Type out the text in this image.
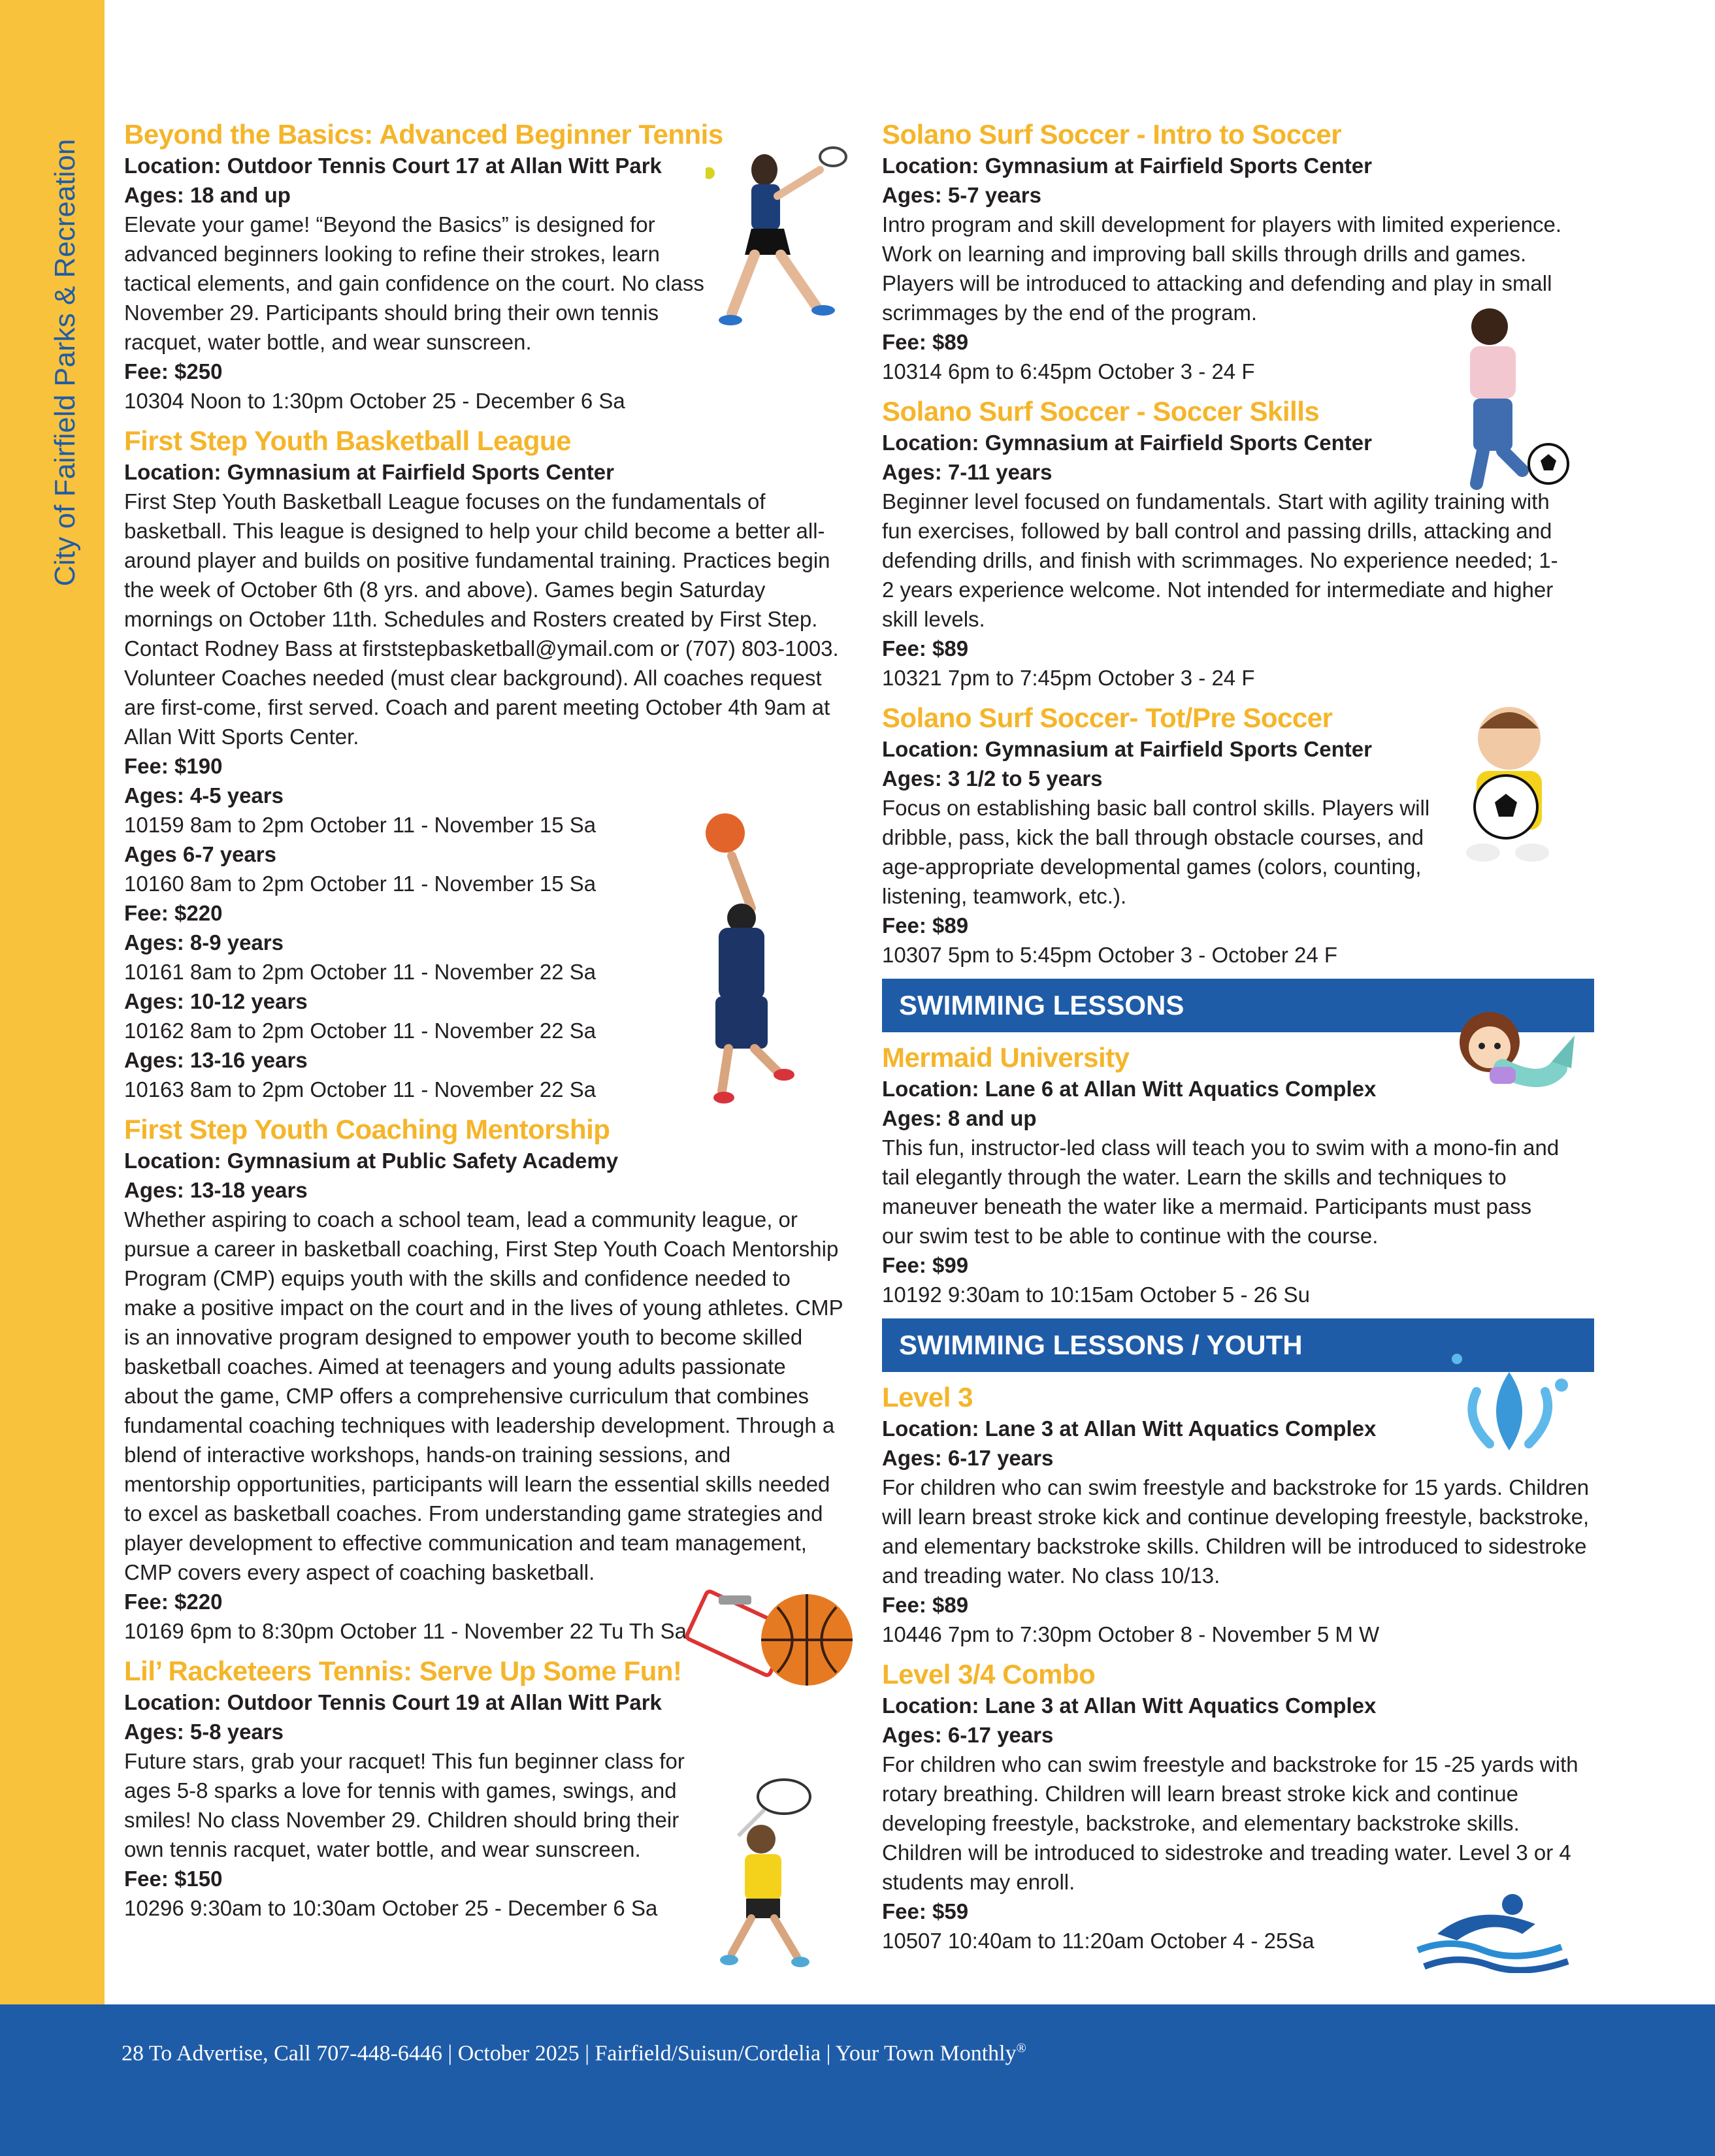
City of Fairfield Parks & Recreation
Beyond the Basics: Advanced Beginner Tennis
Location: Outdoor Tennis Court 17 at Allan Witt Park
Ages: 18 and up
Elevate your game! “Beyond the Basics” is designed for advanced beginners looking to refine their strokes, learn tactical elements, and gain confidence on the court. No class November 29. Participants should bring their own tennis racquet, water bottle, and wear sunscreen.
Fee: $250
10304 Noon to 1:30pm October 25 - December 6 Sa
First Step Youth Basketball League
Location: Gymnasium at Fairfield Sports Center
First Step Youth Basketball League focuses on the fundamentals of basketball. This league is designed to help your child become a better all-around player and builds on positive fundamental training. Practices begin the week of October 6th (8 yrs. and above). Games begin Saturday mornings on October 11th. Schedules and Rosters created by First Step. Contact Rodney Bass at firststepbasketball@ymail.com or (707) 803-1003. Volunteer Coaches needed (must clear background). All coaches request are first-come, first served. Coach and parent meeting October 4th 9am at Allan Witt Sports Center.
Fee: $190
Ages: 4-5 years
10159 8am to 2pm October 11 - November 15 Sa
Ages 6-7 years
10160 8am to 2pm October 11 - November 15 Sa
Fee: $220
Ages: 8-9 years
10161 8am to 2pm October 11 - November 22 Sa
Ages: 10-12 years
10162 8am to 2pm October 11 - November 22 Sa
Ages: 13-16 years
10163 8am to 2pm October 11 - November 22 Sa
First Step Youth Coaching Mentorship
Location: Gymnasium at Public Safety Academy
Ages: 13-18 years
Whether aspiring to coach a school team, lead a community league, or pursue a career in basketball coaching, First Step Youth Coach Mentorship Program (CMP) equips youth with the skills and confidence needed to make a positive impact on the court and in the lives of young athletes. CMP is an innovative program designed to empower youth to become skilled basketball coaches. Aimed at teenagers and young adults passionate about the game, CMP offers a comprehensive curriculum that combines fundamental coaching techniques with leadership development. Through a blend of interactive workshops, hands-on training sessions, and mentorship opportunities, participants will learn the essential skills needed to excel as basketball coaches. From understanding game strategies and player development to effective communication and team management, CMP covers every aspect of coaching basketball.
Fee: $220
10169 6pm to 8:30pm October 11 - November 22 Tu Th Sa
Lil’ Racketeers Tennis: Serve Up Some Fun!
Location: Outdoor Tennis Court 19 at Allan Witt Park
Ages: 5-8 years
Future stars, grab your racquet! This fun beginner class for ages 5-8 sparks a love for tennis with games, swings, and smiles! No class November 29. Children should bring their own tennis racquet, water bottle, and wear sunscreen.
Fee: $150
10296 9:30am to 10:30am October 25 - December 6 Sa
Solano Surf Soccer - Intro to Soccer
Location: Gymnasium at Fairfield Sports Center
Ages: 5-7 years
Intro program and skill development for players with limited experience. Work on learning and improving ball skills through drills and games. Players will be introduced to attacking and defending and play in small scrimmages by the end of the program.
Fee: $89
10314 6pm to 6:45pm October 3 - 24 F
Solano Surf Soccer - Soccer Skills
Location: Gymnasium at Fairfield Sports Center
Ages: 7-11 years
Beginner level focused on fundamentals. Start with agility training with fun exercises, followed by ball control and passing drills, attacking and defending drills, and finish with scrimmages. No experience needed; 1-2 years experience welcome. Not intended for intermediate and higher skill levels.
Fee: $89
10321 7pm to 7:45pm October 3 - 24 F
Solano Surf Soccer- Tot/Pre Soccer
Location: Gymnasium at Fairfield Sports Center
Ages: 3 1/2 to 5 years
Focus on establishing basic ball control skills. Players will dribble, pass, kick the ball through obstacle courses, and age-appropriate developmental games (colors, counting, listening, teamwork, etc.).
Fee: $89
10307 5pm to 5:45pm October 3 - October 24 F
SWIMMING LESSONS
Mermaid University
Location: Lane 6 at Allan Witt Aquatics Complex
Ages: 8 and up
This fun, instructor-led class will teach you to swim with a mono-fin and tail elegantly through the water. Learn the skills and techniques to maneuver beneath the water like a mermaid. Participants must pass our swim test to be able to continue with the course.
Fee: $99
10192 9:30am to 10:15am October 5 - 26 Su
SWIMMING LESSONS / YOUTH
Level 3
Location: Lane 3 at Allan Witt Aquatics Complex
Ages: 6-17 years
For children who can swim freestyle and backstroke for 15 yards. Children will learn breast stroke kick and continue developing freestyle, backstroke, and elementary backstroke skills. Children will be introduced to sidestroke and treading water. No class 10/13.
Fee: $89
10446 7pm to 7:30pm October 8 - November 5 M W
Level 3/4 Combo
Location: Lane 3 at Allan Witt Aquatics Complex
Ages: 6-17 years
For children who can swim freestyle and backstroke for 15 -25 yards with rotary breathing. Children will learn breast stroke kick and continue developing freestyle, backstroke, and elementary backstroke skills. Children will be introduced to sidestroke and treading water. Level 3 or 4 students may enroll.
Fee: $59
10507 10:40am to 11:20am October 4 - 25Sa
28 To Advertise, Call 707-448-6446 | October 2025 | Fairfield/Suisun/Cordelia | Your Town Monthly®
